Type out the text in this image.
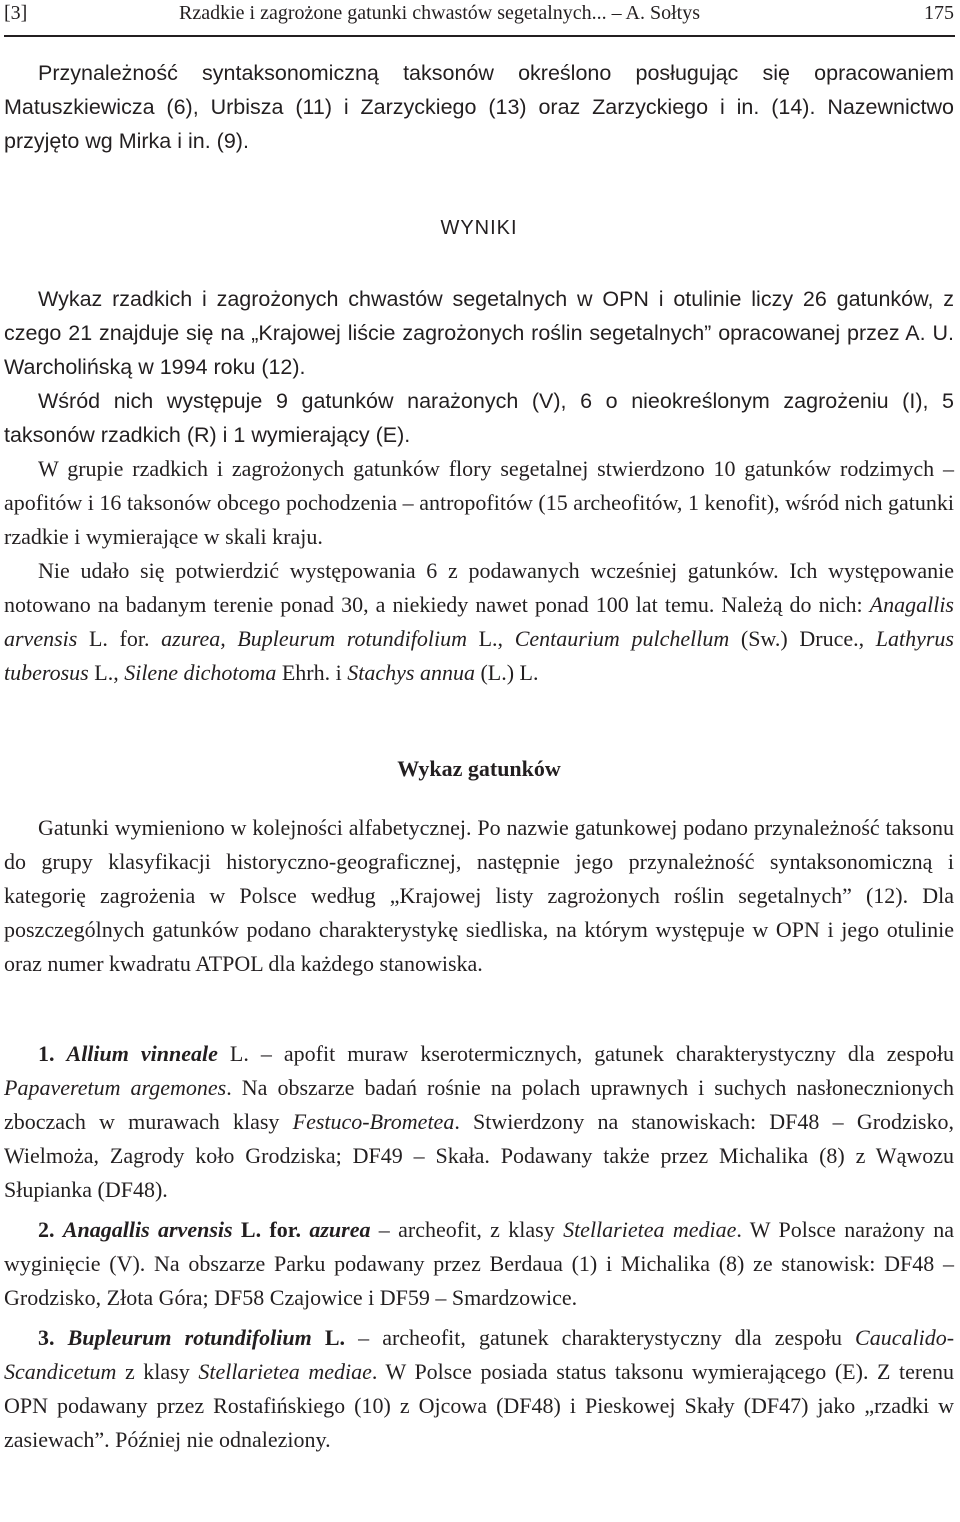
[3]	Rzadkie i zagrożone gatunki chwastów segetalnych... – A. Sołtys	175

Przynależność syntaksonomiczną taksonów określono posługując się opracowaniem Matuszkiewicza (6), Urbisza (11) i Zarzyckiego (13) oraz Zarzyckiego i in. (14). Nazewnictwo przyjęto wg Mirka i in. (9).

WYNIKI

Wykaz rzadkich i zagrożonych chwastów segetalnych w OPN i otulinie liczy 26 gatunków, z czego 21 znajduje się na „Krajowej liście zagrożonych roślin segetalnych” opracowanej przez A. U. Warcholińską w 1994 roku (12).

Wśród nich występuje 9 gatunków narażonych (V), 6 o nieokreślonym zagrożeniu (I), 5 taksonów rzadkich (R) i 1 wymierający (E).

W grupie rzadkich i zagrożonych gatunków flory segetalnej stwierdzono 10 gatunków rodzimych – apofitów i 16 taksonów obcego pochodzenia – antropofitów (15 archeofitów, 1 kenofit), wśród nich gatunki rzadkie i wymierające w skali kraju.

Nie udało się potwierdzić występowania 6 z podawanych wcześniej gatunków. Ich występowanie notowano na badanym terenie ponad 30, a niekiedy nawet ponad 100 lat temu. Należą do nich: Anagallis arvensis L. for. azurea, Bupleurum rotundifolium L., Centaurium pulchellum (Sw.) Druce., Lathyrus tuberosus L., Silene dichotoma Ehrh. i Stachys annua (L.) L.

Wykaz gatunków

Gatunki wymieniono w kolejności alfabetycznej. Po nazwie gatunkowej podano przynależność taksonu do grupy klasyfikacji historyczno-geograficznej, następnie jego przynależność syntaksonomiczną i kategorię zagrożenia w Polsce według „Krajowej listy zagrożonych roślin segetalnych” (12). Dla poszczególnych gatunków podano charakterystykę siedliska, na którym występuje w OPN i jego otulinie oraz numer kwadratu ATPOL dla każdego stanowiska.

1. Allium vinneale L. – apofit muraw kserotermicznych, gatunek charakterystyczny dla zespołu Papaveretum argemones. Na obszarze badań rośnie na polach uprawnych i suchych nasłonecznionych zboczach w murawach klasy Festuco-Brometea. Stwierdzony na stanowiskach: DF48 – Grodzisko, Wielmoża, Zagrody koło Grodziska; DF49 – Skała. Podawany także przez Michalika (8) z Wąwozu Słupianka (DF48).

2. Anagallis arvensis L. for. azurea – archeofit, z klasy Stellarietea mediae. W Polsce narażony na wyginięcie (V). Na obszarze Parku podawany przez Berdaua (1) i Michalika (8) ze stanowisk: DF48 – Grodzisko, Złota Góra; DF58 Czajowice i DF59 – Smardzowice.

3. Bupleurum rotundifolium L. – archeofit, gatunek charakterystyczny dla zespołu Caucalido-Scandicetum z klasy Stellarietea mediae. W Polsce posiada status taksonu wymierającego (E). Z terenu OPN podawany przez Rostafińskiego (10) z Ojcowa (DF48) i Pieskowej Skały (DF47) jako „rzadki w zasiewach”. Później nie odnaleziony.
